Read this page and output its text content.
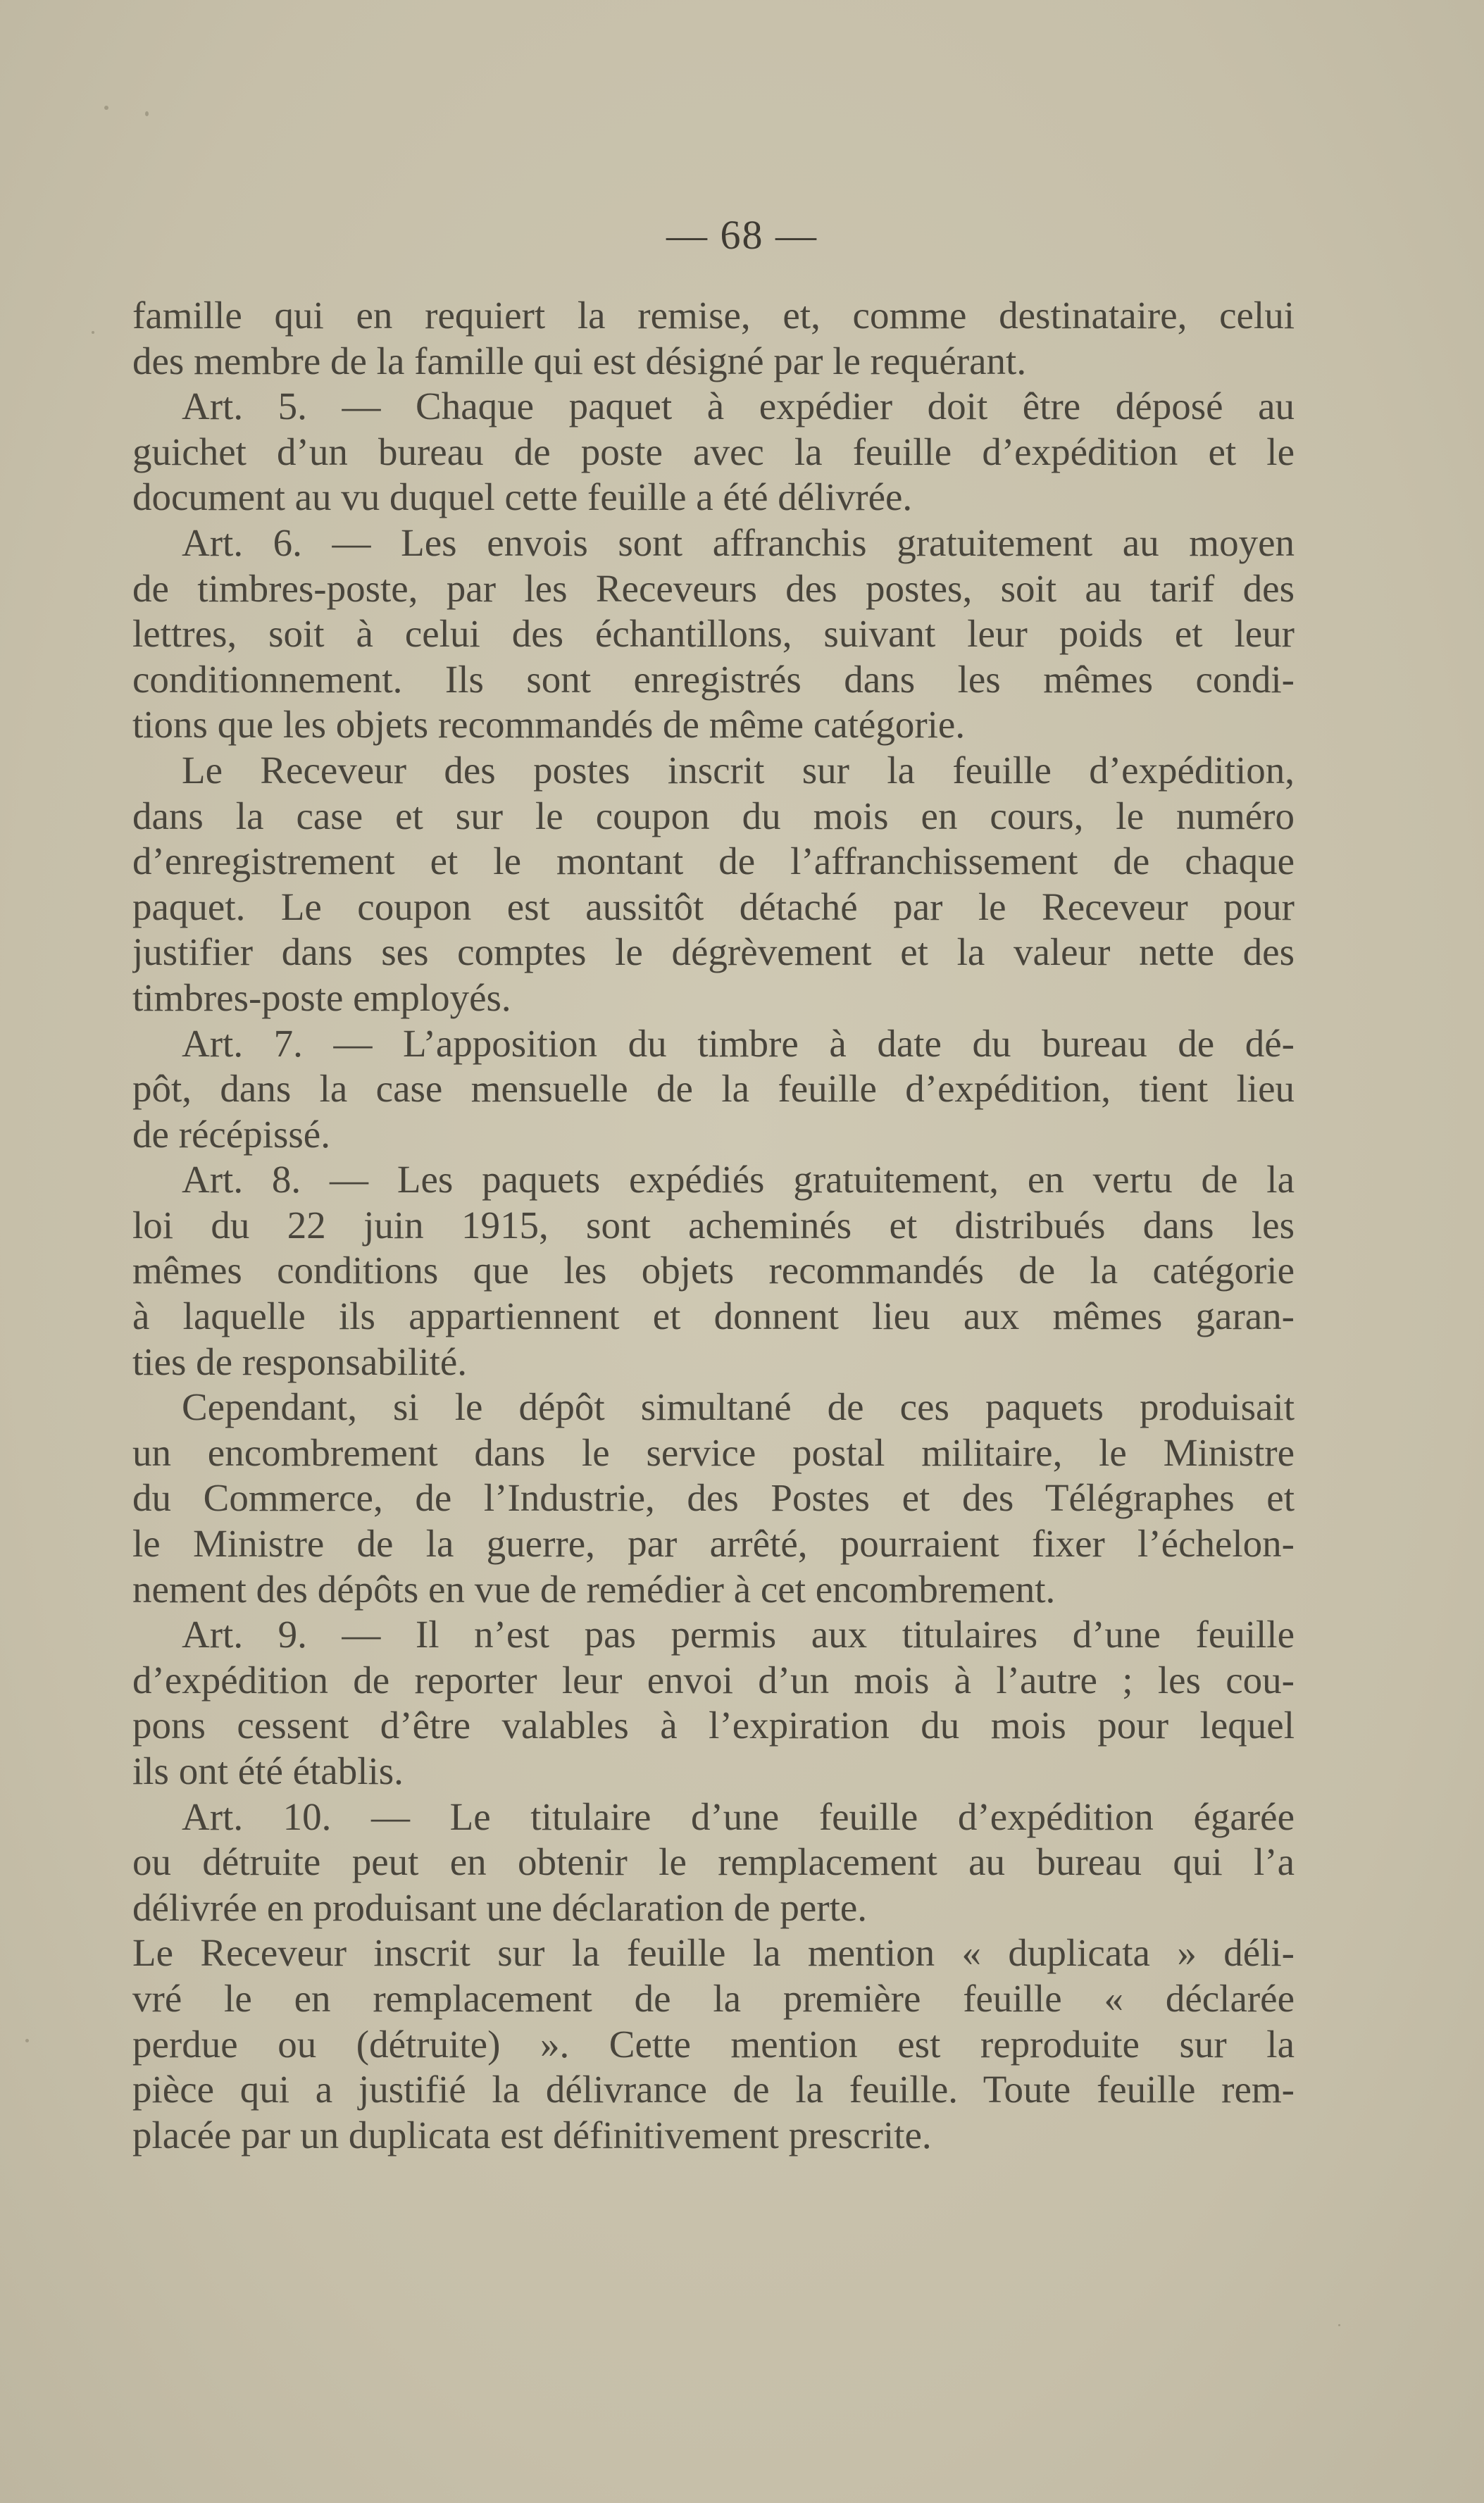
— 68 —
famille qui en requiert la remise, et, comme destinataire, celui
des membre de la famille qui est désigné par le requérant.
Art. 5. — Chaque paquet à expédier doit être déposé au
guichet d’un bureau de poste avec la feuille d’expédition et le
document au vu duquel cette feuille a été délivrée.
Art. 6. — Les envois sont affranchis gratuitement au moyen
de timbres-poste, par les Receveurs des postes, soit au tarif des
lettres, soit à celui des échantillons, suivant leur poids et leur
conditionnement. Ils sont enregistrés dans les mêmes condi-
tions que les objets recommandés de même catégorie.
Le Receveur des postes inscrit sur la feuille d’expédition,
dans la case et sur le coupon du mois en cours, le numéro
d’enregistrement et le montant de l’affranchissement de chaque
paquet. Le coupon est aussitôt détaché par le Receveur pour
justifier dans ses comptes le dégrèvement et la valeur nette des
timbres-poste employés.
Art. 7. — L’apposition du timbre à date du bureau de dé-
pôt, dans la case mensuelle de la feuille d’expédition, tient lieu
de récépissé.
Art. 8. — Les paquets expédiés gratuitement, en vertu de la
loi du 22 juin 1915, sont acheminés et distribués dans les
mêmes conditions que les objets recommandés de la catégorie
à laquelle ils appartiennent et donnent lieu aux mêmes garan-
ties de responsabilité.
Cependant, si le dépôt simultané de ces paquets produisait
un encombrement dans le service postal militaire, le Ministre
du Commerce, de l’Industrie, des Postes et des Télégraphes et
le Ministre de la guerre, par arrêté, pourraient fixer l’échelon-
nement des dépôts en vue de remédier à cet encombrement.
Art. 9. — Il n’est pas permis aux titulaires d’une feuille
d’expédition de reporter leur envoi d’un mois à l’autre ; les cou-
pons cessent d’être valables à l’expiration du mois pour lequel
ils ont été établis.
Art. 10. — Le titulaire d’une feuille d’expédition égarée
ou détruite peut en obtenir le remplacement au bureau qui l’a
délivrée en produisant une déclaration de perte.
Le Receveur inscrit sur la feuille la mention « duplicata » déli-
vré le en remplacement de la première feuille « déclarée
perdue ou (détruite) ». Cette mention est reproduite sur la
pièce qui a justifié la délivrance de la feuille. Toute feuille rem-
placée par un duplicata est définitivement prescrite.
